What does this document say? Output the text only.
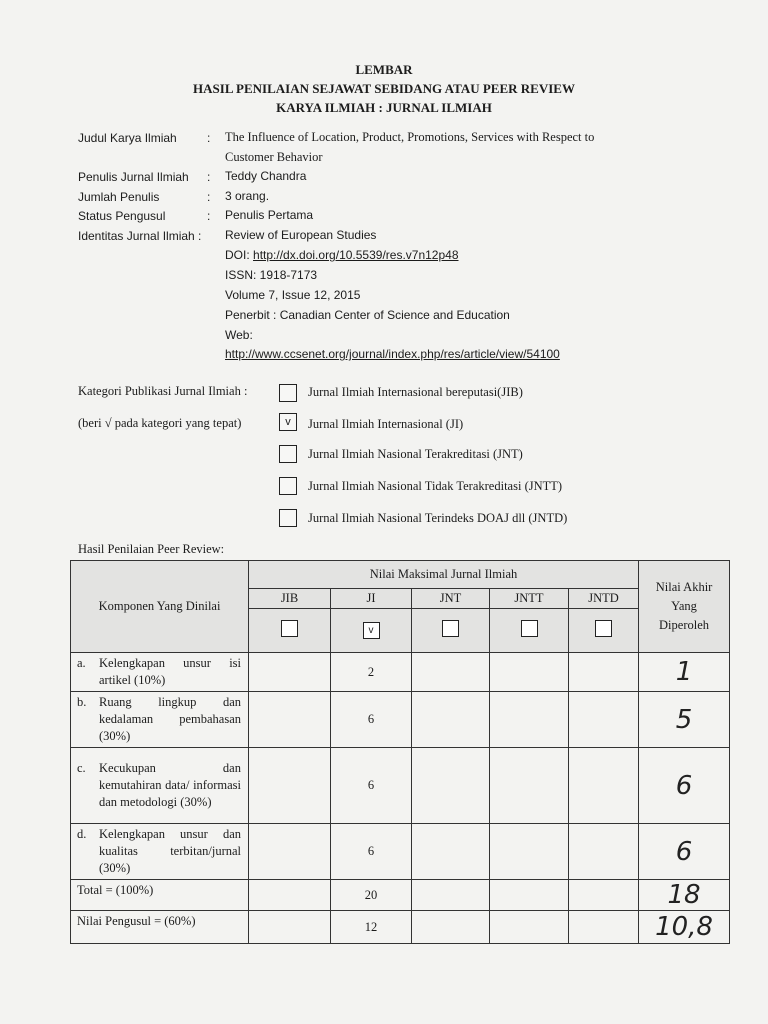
LEMBAR
HASIL PENILAIAN SEJAWAT SEBIDANG ATAU PEER REVIEW
KARYA ILMIAH : JURNAL ILMIAH
Judul Karya Ilmiah	: The Influence of Location, Product, Promotions, Services with Respect to
Customer Behavior
Penulis Jurnal Ilmiah : Teddy Chandra
Jumlah Penulis	: 3 orang.
Status Pengusul	: Penulis Pertama
Identitas Jurnal Ilmiah : Review of European Studies
DOI: http://dx.doi.org/10.5539/res.v7n12p48
ISSN: 1918-7173
Volume 7, Issue 12, 2015
Penerbit : Canadian Center of Science and Education
Web:
http://www.ccsenet.org/journal/index.php/res/article/view/54100
Kategori Publikasi Jurnal Ilmiah :
(beri √ pada kategori yang tepat)
Jurnal Ilmiah Internasional bereputasi(JIB)
v	Jurnal Ilmiah Internasional (JI)
Jurnal Ilmiah Nasional Terakreditasi (JNT)
Jurnal Ilmiah Nasional Tidak Terakreditasi (JNTT)
Jurnal Ilmiah Nasional Terindeks DOAJ dll (JNTD)
Hasil Penilaian Peer Review:
Komponen Yang Dinilai	Nilai Maksimal Jurnal Ilmiah					Nilai Akhir Yang Diperoleh
	JIB	JI	JNT	JNTT	JNTD	
		v				
a. Kelengkapan unsur isi artikel (10%)		2				1
b. Ruang lingkup dan kedalaman pembahasan (30%)		6				5
c. Kecukupan dan kemutahiran data/ informasi dan metodologi (30%)		6				6
d. Kelengkapan unsur dan kualitas terbitan/jurnal (30%)		6				6
Total = (100%)		20				18
Nilai Pengusul = (60%)		12				10,8
